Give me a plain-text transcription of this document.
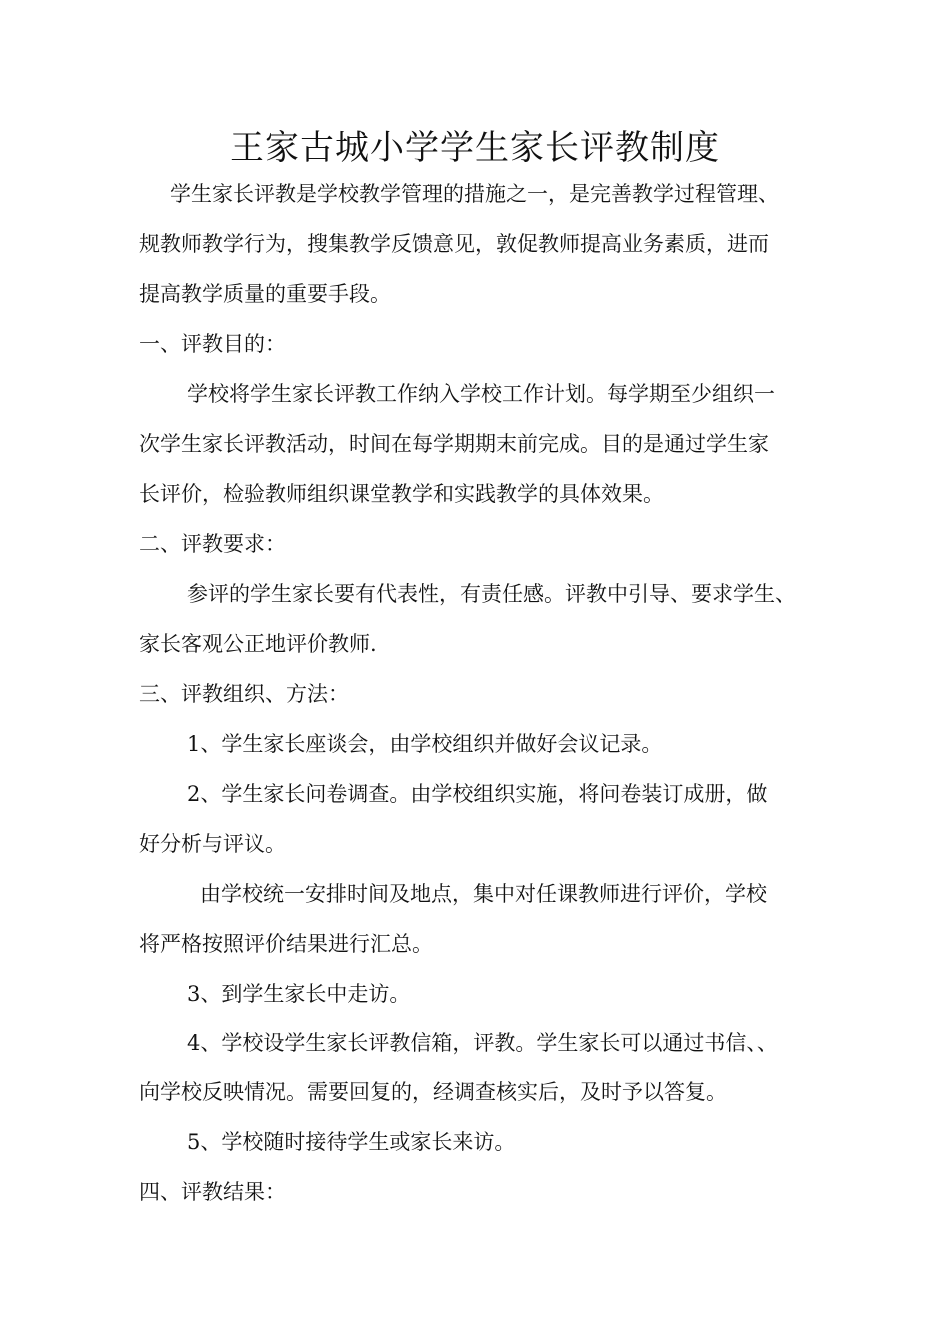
王家古城小学学生家长评教制度
学生家长评教是学校教学管理的措施之一，是完善教学过程管理、
规教师教学行为，搜集教学反馈意见，敦促教师提高业务素质，进而
提高教学质量的重要手段。
一、评教目的：
学校将学生家长评教工作纳入学校工作计划。每学期至少组织一
次学生家长评教活动，时间在每学期期末前完成。目的是通过学生家
长评价，检验教师组织课堂教学和实践教学的具体效果。
二、评教要求：
参评的学生家长要有代表性，有责任感。评教中引导、要求学生、
家长客观公正地评价教师.
三、评教组织、方法：
1、学生家长座谈会，由学校组织并做好会议记录。
2、学生家长问卷调查。由学校组织实施，将问卷装订成册，做
好分析与评议。
由学校统一安排时间及地点，集中对任课教师进行评价，学校
将严格按照评价结果进行汇总。
3、到学生家长中走访。
4、学校设学生家长评教信箱，评教。学生家长可以通过书信、、
向学校反映情况。需要回复的，经调查核实后，及时予以答复。
5、学校随时接待学生或家长来访。
四、评教结果：
